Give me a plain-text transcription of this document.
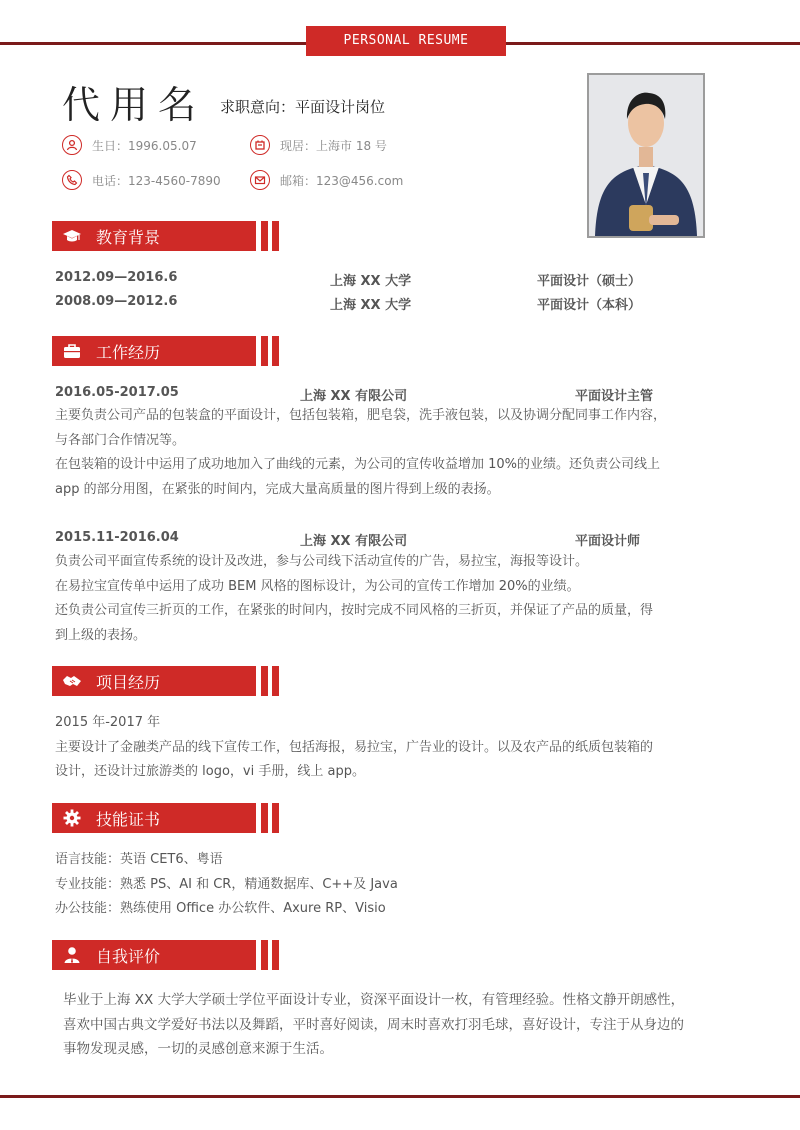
PERSONAL RESUME
代用名 求职意向：平面设计岗位
生日：1996.05.07	现居：上海市 18 号
电话：123-4560-7890	邮箱：123@456.com
教育背景
2012.09—2016.6	上海 XX 大学	平面设计（硕士）
2008.09—2012.6	上海 XX 大学	平面设计（本科）
工作经历
2016.05-2017.05	上海 XX 有限公司	平面设计主管

主要负责公司产品的包装盒的平面设计，包括包装箱，肥皂袋，洗手液包装，以及协调分配同事工作内容，

与各部门合作情况等。

在包装箱的设计中运用了成功地加入了曲线的元素，为公司的宣传收益增加 10%的业绩。还负责公司线上

app 的部分用图，在紧张的时间内，完成大量高质量的图片得到上级的表扬。

2015.11-2016.04	上海 XX 有限公司	平面设计师

负责公司平面宣传系统的设计及改进，参与公司线下活动宣传的广告，易拉宝，海报等设计。

在易拉宝宣传单中运用了成功 BEM 风格的图标设计，为公司的宣传工作增加 20%的业绩。

还负责公司宣传三折页的工作，在紧张的时间内，按时完成不同风格的三折页，并保证了产品的质量，得

到上级的表扬。

项目经历

2015 年-2017 年

主要设计了金融类产品的线下宣传工作，包括海报，易拉宝，广告业的设计。以及农产品的纸质包装箱的

设计，还设计过旅游类的 logo，vi 手册，线上 app。

技能证书

语言技能：英语 CET6、粤语

专业技能：熟悉 PS、AI 和 CR，精通数据库、C++及 Java

办公技能：熟练使用 Office 办公软件、Axure RP、Visio

自我评价
毕业于上海 XX 大学大学硕士学位平面设计专业，资深平面设计一枚，有管理经验。性格文静开朗感性，
喜欢中国古典文学爱好书法以及舞蹈，平时喜好阅读，周末时喜欢打羽毛球，喜好设计，专注于从身边的
事物发现灵感，一切的灵感创意来源于生活。
